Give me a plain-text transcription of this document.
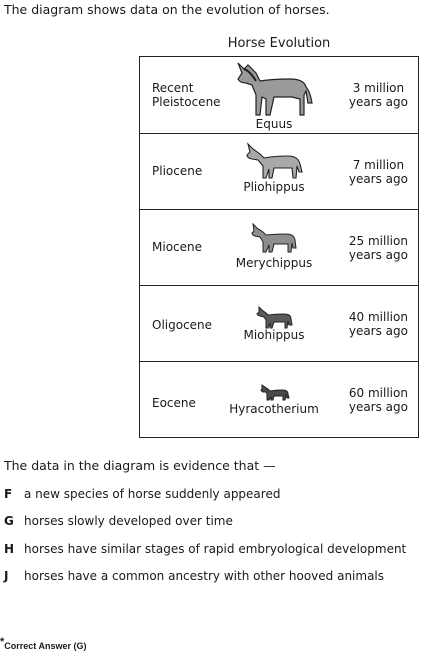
The diagram shows data on the evolution of horses.
Horse Evolution
Recent
Pleistocene
Equus
3 million
years ago
Pliocene
Pliohippus
7 million
years ago
Miocene
Merychippus
25 million
years ago
Oligocene
Miohippus
40 million
years ago
Eocene	Hyracotherium
60 million
years ago
The data in the diagram is evidence that —
F a new species of horse suddenly appeared
G horses slowly developed over time
H horses have similar stages of rapid embryological development
J horses have a common ancestry with other hooved animals
*Correct Answer (G)
